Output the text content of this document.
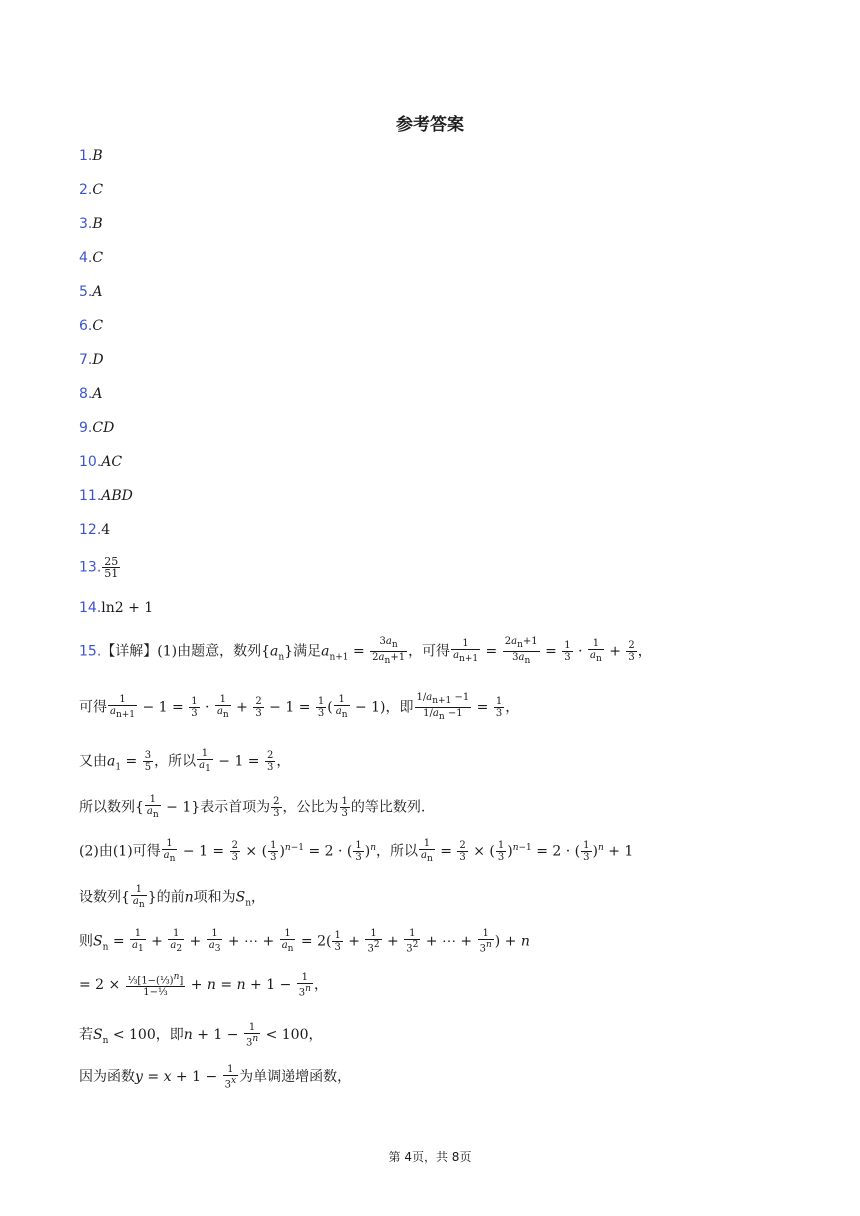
参考答案
1.B
2.C
3.B
4.C
5.A
6.C
7.D
8.A
9.CD
10.AC
11.ABD
12.4
13. $\frac{25}{51}$
14.ln2 + 1
15.【详解】(1)由题意，数列$\{a_n\}$满足$a_{n+1} = \frac{3a_n}{2a_n+1}$ ，可得 $\frac{1}{a_{n+1}} = \frac{2a_n+1}{3a_n} = \frac{1}{3} \cdot \frac{1}{a_n} + \frac{2}{3}$ ，
可得 $\frac{1}{a_{n+1}} - 1 = \frac{1}{3} \cdot \frac{1}{a_n} + \frac{2}{3} - 1 = \frac{1}{3}$ ( $\frac{1}{a_n} - 1$)，即 $\frac{1/a_{n+1} -1}{1/a_n -1} = \frac{1}{3}$ ，
又由$a_1 = \frac{3}{5}$ ，所以 $\frac{1}{a_1} - 1 = \frac{2}{3}$ ，
所以数列{ $\frac{1}{a_n} - 1$}表示首项为 $\frac{2}{3}$ ，公比为 $\frac{1}{3}$ 的等比数列.
(2)由(1)可得 $\frac{1}{a_n} - 1 = \frac{2}{3}$ × ( $\frac{1}{3} )^{n-1} = 2$ · ( $\frac{1}{3} )^n$，所以 $\frac{1}{a_n} = \frac{2}{3}$ × ( $\frac{1}{3} )^{n-1} = 2$ · ( $\frac{1}{3} )^n + 1$
设数列{ $\frac{1}{a_n}$ }的前n项和为$S_n$，
则$S_n = \frac{1}{a_1} + \frac{1}{a_2} + \frac{1}{a_3}$ + ⋯ + $\frac{1}{a_n} = 2( \frac{1}{3} + \frac{1}{3^2} + \frac{1}{3^2}$ + ⋯ + $\frac{1}{3^n}$ ) + n
= $2 \times \frac{\frac{1}{3}[1-(\frac{1}{3})^n]}{\text{1−⅓}} + n = n + 1 - \frac{1}{3^n}$ ，
若$S_n < 100$，即$n + 1 - \frac{1}{3^n} < 100$，
因为函数$y = x + 1 - \frac{1}{3^x}$ 为单调递增函数，
第 4页，共 8页
